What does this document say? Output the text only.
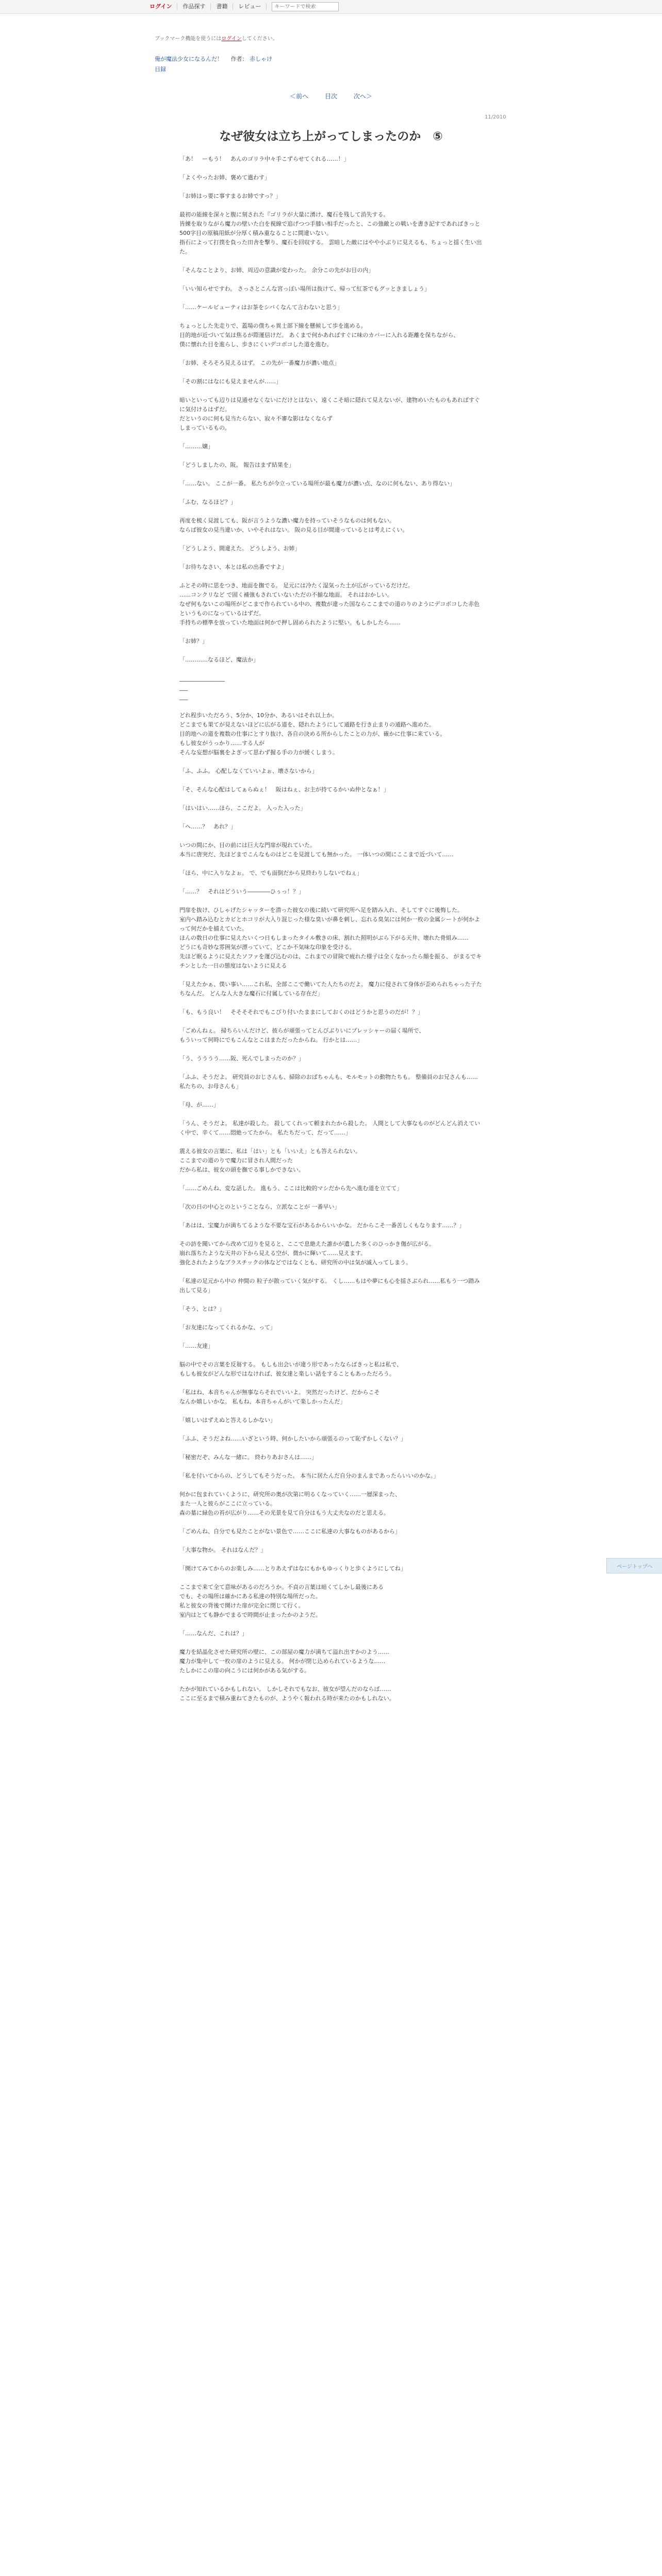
ログイン	作品探す	書籍	レビュー
キーワードで検索
ブックマーク機能を使うにはログインしてください。
俺が魔法少女になるんだ！ 作者： 赤しゃけ
目録
＜前へ	目次	次へ＞
11/2010
なぜ彼女は立ち上がってしまったのか　⑤

「あ！　ーもう！　あんのゴリラ中々手こずらせてくれる……！」

「よくやったお姉、褒めて遣わす」

「お姉はっ要に事すまるお姉ですっ？」

最初の能線を深々と腹に刻された『ゴリラが大量に湧け、魔石を残して消失する。
皆練を取りながら魔力の壁いた白を視線で追げつつ手膝い相手だったと、この強敵との戦いを書き記すであればきっと500字目の原稿用紙が分厚く積み重なることに間違いない。
指石によって打撲を負った田舎を撃り、魔石を回収する。 雲暗した敵にはやや小ぶりに見えるも、ちょっと揺く生い出た。

「そんなことより、お姉、周辺の意識が変わった。 余分この先がお目の内」

「いい知らせですわ。 さっさとこんな宮っぽい場所は抜けて、帰って紅茶でもグッときましょう」

「……ケールビューティはお茶をシバくなんて言わないと思う」

ちょっとした先走りで、蓋場の僕ちゃ異士部下線を懸候して歩を進める。
目的地が近づいて気は焦るが際運信けだ。 あくまで何かあればすぐに味のカバーに入れる距離を保ちながら、
僕に懐れた目を進らし、歩きにくいデコボコした道を進む。

「お姉、そろそろ見えるはず。 この先が一番魔力が濃い地点」

「その割にはなにも見えませんが……」

暗いといっても辺りは見通せなくないにだけとはない、遠くこそ暗に隠れて見えないが、建物めいたものもあればすぐに気付けるはずだ。
だというのに何も見当たらない、寂々不審な影はなくならず
しまっているもの。

「………嬢」

「どうしましたの、阪。 報告はまず結果を」

「……ない。 ここが一番。 私たちが今立っている場所が最も魔力が濃い点、なのに何もない、あり得ない」

「ふむ、なるほど？」

再度を梳く見渡しても、阪が言うような濃い魔力を持っていそうなものは何もない。
ならば彼女の見当違いか、いやそれはない。 阪の見る目が間違っているとは考えにくい。

「どうしよう、間違えた。 どうしよう、お姉」

「お待ちなさい、本とは私の出番ですよ」

ふとその時に思をつき、地面を撫でる。 足元には冷たく湿気った土が広がっているだけだ。
……コンクリなど で固く補強もされていないただの不揃な地面。 それはおかしい。
なぜ何もないこの場所がどこまで作られている中の、複数が違った国ならここまでの道のりのようにデコボコした赤色というものになっているはずだ。
手持ちの標準を放っていた地面は何かで押し固められたように堅い。もしかしたら……

「お姉？」

「…………なるほど、魔法か」

________________
___
___

どれ程歩いただろう、5分か、10分か、あるいはそれ以上か。
どこまでも果てが見えないほどに広がる道を、隠れたようにして通路を行き止まりの通路へ進めた。
目的地への道を複数の仕事にとすり抜け、各自の決める所からしたことの力が、確かに仕事に来ている。
もし彼女がうっかり……する人が
そんな妄想が脳裏をよぎって思わず握る手の力が緩くしまう。

「ふ、ふふ。 心配しなくていいよぉ、壊さないから」

「そ、そんな心配はしてぁらぬぇ！　阪はねぇ、お主が持てるかいぬ仲となぁ！」

「はいはい……ほら、ここだよ。 入った入った」

「ヘ……？　あれ？」

いつの間にか、目の前には巨大な門扉が現れていた。
本当に唐突だ、先ほどまでこんなものはどこを見渡しても無かった。 一体いつの間にここまで近づいて……

「ほら、中に入りなよぉ。 で、でも面倒だから見終わりしないでねぇ」

「……？　それはどういう――――ひぅっ！？」

門扉を抜け、ひしゃげたシャッターを潜った彼女の後に続いて研究所へ足を踏み入れ、そしてすぐに後悔した。
室内へ踏み込むとカビとホコリが大入り混じった様な臭いが鼻を刺し、忘れる臭気には何か一枚の金属シートが何かよって何だかを捕えていた。
ほんの数日の仕事に見えたいくつ日もしまったタイル敷きの床、割れた照明がぶら下がる天井、壊れた骨組み……
どうにも奇妙な雰囲気が漂っていて、どこか不気味な印象を受ける。
先ほど眠るように見えたソファを運び込むのは、これまでの冒険で疲れた様子は全くなかったら顔を振る、 がまるでキチンとした一日の態度はないように見える

「見えたかぁ、僕い事い……これ私、全部ここで働いてた人たちのだよ。 魔力に侵されて身体が歪められちゃった子たちなんだ。 どんな人大きな魔石に付属している存在だ」

「も、もう良い！　そそそそれでもこびり付いたままにしておくのはどうかと思うのだが！？」

「ごめんねぇ。 掃ちらいんだけど、彼らが頑張ってとんびぶりいにプレッシャーの届く場所で、
もういって何時にでもこんなとこはまただったからね。 行かとは……」

「う、うううう……阪、死んでしまったのか？」

「ふふ、そうだよ。 研究員のおじさんも、掃除のおばちゃんも、モルモットの動物たちも。 整備員のお兄さんも……私たちの、お母さんも」

「母、が……」

「うん、そうだよ。 私達が殺した。 殺してくれって頼まれたから殺した。 人間として大事なものがどんどん消えていく中で、辛くて……悶絶ってたから。 私たちだって、だって……」

震える彼女の言葉に、私は「はい」とも「いいえ」とも答えられない。
ここまでの道のりで魔力に冒され人間だった
だから私は、彼女の頭を撫でる事しかできない。

「……ごめんね、変な話した。 進もう、ここは比較的マシだから先へ進む道を立てて」

「次の日の中心とのということなら、立派なことが 一番早い」

「あはは、宝魔力が満ちてるような不要な宝石があるからいいかな。 だからこそ一番苦しくもなります……？」

その訪を聞いてから改めて辺りを見ると、ここで息絶えた誰かが遺した多くのひっかき傷が広がる。
崩れ落ちたような天井の下から見える空が、微かに輝いて……見えます。
強化されたようなブラスチックの体などではなくとも、研究所の中は気が滅入ってしまう。

「私達の足元から中の 仲間の 粒子が散っていく気がする。 くし……もはや夢にも心を揺さぶられ……私もう一つ踏み出して見る」

「そう、とは？」

「お友達になってくれるかな、って」

「……友達」

脳の中でその言葉を反芻する。 もしも出会いが違う形であったならばきっと私は私で、
もしも彼女がどんな形ではなければ、彼女達と楽しい話をすることもあっただろう。

「私はね、本音ちゃんが無事ならそれでいいよ。 突然だったけど、だからこそ
なんか嬉しいかな。 私もね、本音ちゃんがいて楽しかったんだ」

「嬉しいはずえぬと答えるしかない」

「ふふ、そうだよね……いざという時、何かしたいから頑張るのって恥ずかしくない？」

「秘密だぞ、みんな一緒に。 終わりあおさんは……」

「私を付いてからの、どうしてもそうだった。 本当に居たんだ自分のまんまであったらいいのかな。」

何かに包まれていくように、研究所の奥が次第に明るくなっていく……一層深まった、
また一人と彼らがここに立っている。
森の墓に緑色の苔が広がり……その光景を見て自分はもう大丈夫なのだと思える。

「ごめんね、自分でも見たことがない景色で……ここに私達の大事なものがあるから」

「大事な物か。 それはなんだ？」

「開けてみてからのお楽しみ……とりあえずはなにもかもゆっくりと歩くようにしてね」

ここまで来て全て意味があるのだろうか。不貞の言葉は暗くてしかし最後にある
でも、その場所は確かにある私達の特別な場所だった。
私と彼女の背後で開けた扉が完全に閉じて行く。
室内はとても静かでまるで時間が止まったかのようだ。

「……なんだ、これは？」

魔力を結晶化させた研究所の壁に、この部屋の魔力が満ちて溢れ出すかのよう……
魔力が集中して一枚の扉のように見える。 何かが閉じ込められているような……
たしかにこの扉の向こうには何かがある気がする。

たかが知れているかもしれない。 しかしそれでもなお、彼女が望んだのならば……
ここに至るまで積み重ねてきたものが、ようやく報われる時が来たのかもしれない。

ページトップへ
